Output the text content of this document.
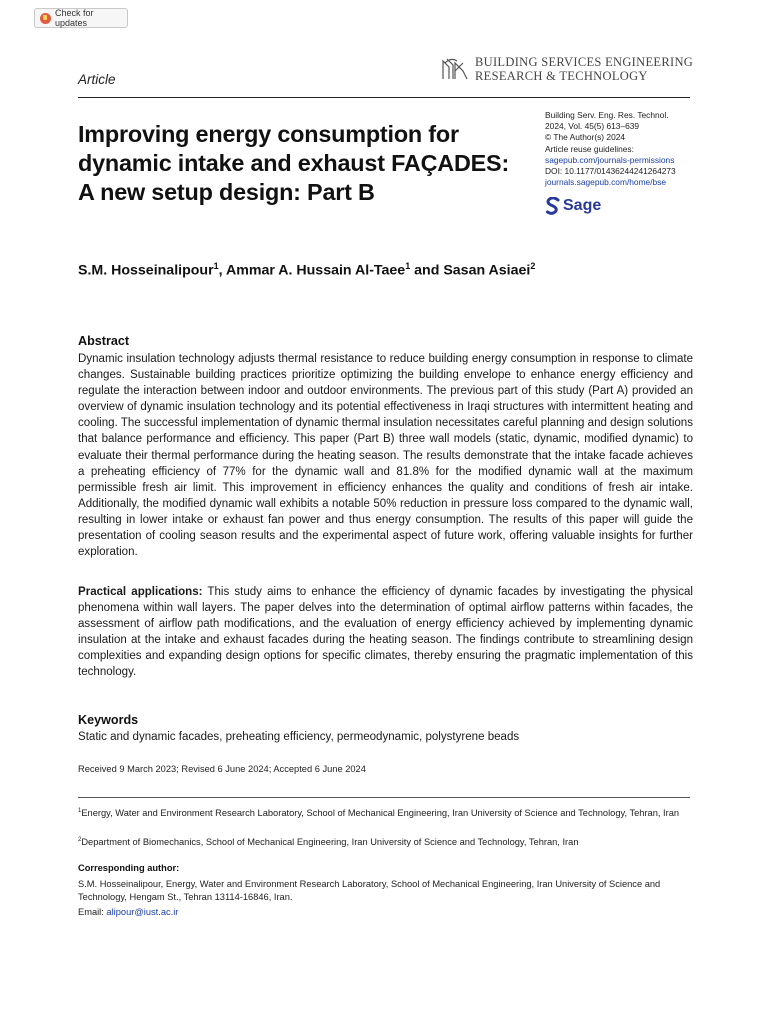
Check for updates
Article
BUILDING SERVICES ENGINEERING
RESEARCH & TECHNOLOGY
Improving energy consumption for dynamic intake and exhaust FAÇADES: A new setup design: Part B
Building Serv. Eng. Res. Technol.
2024, Vol. 45(5) 613–639
© The Author(s) 2024
Article reuse guidelines:
sagepub.com/journals-permissions
DOI: 10.1177/01436244241264273
journals.sagepub.com/home/bse
Sage
S.M. Hosseinalipour$^1$, Ammar A. Hussain Al-Taee$^1$ and Sasan Asiaei$^2$
Abstract

Dynamic insulation technology adjusts thermal resistance to reduce building energy consumption in response to climate changes. Sustainable building practices prioritize optimizing the building envelope to enhance energy efficiency and regulate the interaction between indoor and outdoor environments. The previous part of this study (Part A) provided an overview of dynamic insulation technology and its potential effectiveness in Iraqi structures with intermittent heating and cooling. The successful implementation of dynamic thermal insulation necessitates careful planning and design solutions that balance performance and efficiency. This paper (Part B) three wall models (static, dynamic, modified dynamic) to evaluate their thermal performance during the heating season. The results demonstrate that the intake facade achieves a preheating efficiency of 77% for the dynamic wall and 81.8% for the modified dynamic wall at the maximum permissible fresh air limit. This improvement in efficiency enhances the quality and conditions of fresh air intake. Additionally, the modified dynamic wall exhibits a notable 50% reduction in pressure loss compared to the dynamic wall, resulting in lower intake or exhaust fan power and thus energy consumption. The results of this paper will guide the presentation of cooling season results and the experimental aspect of future work, offering valuable insights for further exploration.

Practical applications: This study aims to enhance the efficiency of dynamic facades by investigating the physical phenomena within wall layers. The paper delves into the determination of optimal airflow patterns within facades, the assessment of airflow path modifications, and the evaluation of energy efficiency achieved by implementing dynamic insulation at the intake and exhaust facades during the heating season. The findings contribute to streamlining design complexities and expanding design options for specific climates, thereby ensuring the pragmatic implementation of this technology.

Keywords
Static and dynamic facades, preheating efficiency, permeodynamic, polystyrene beads
Received 9 March 2023; Revised 6 June 2024; Accepted 6 June 2024
$^1$Energy, Water and Environment Research Laboratory, School of Mechanical Engineering, Iran University of Science and Technology, Tehran, Iran
$^2$Department of Biomechanics, School of Mechanical Engineering, Iran University of Science and Technology, Tehran, Iran
Corresponding author:
S.M. Hosseinalipour, Energy, Water and Environment Research Laboratory, School of Mechanical Engineering, Iran University of Science and Technology, Hengam St., Tehran 13114-16846, Iran.
Email: alipour@iust.ac.ir
